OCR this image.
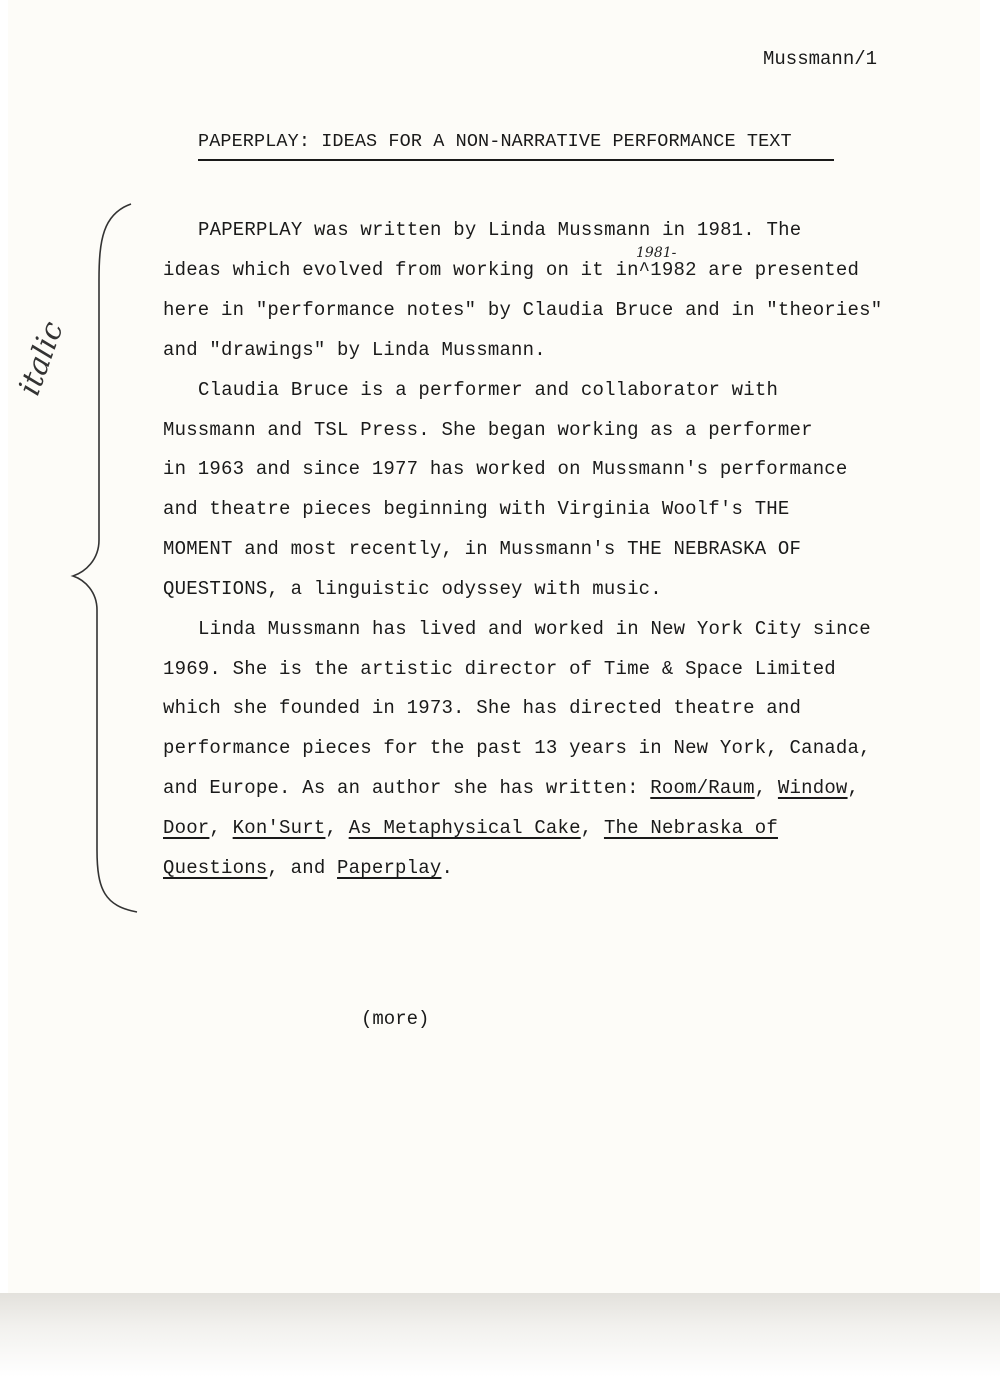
Mussmann/1
PAPERPLAY: IDEAS FOR A NON-NARRATIVE PERFORMANCE TEXT
italic
1981-
PAPERPLAY was written by Linda Mussmann in 1981. The
ideas which evolved from working on it in^1982 are presented
here in "performance notes" by Claudia Bruce and in "theories"
and "drawings" by Linda Mussmann.
Claudia Bruce is a performer and collaborator with
Mussmann and TSL Press. She began working as a performer
in 1963 and since 1977 has worked on Mussmann's performance
and theatre pieces beginning with Virginia Woolf's THE
MOMENT and most recently, in Mussmann's THE NEBRASKA OF
QUESTIONS, a linguistic odyssey with music.
Linda Mussmann has lived and worked in New York City since
1969. She is the artistic director of Time & Space Limited
which she founded in 1973. She has directed theatre and
performance pieces for the past 13 years in New York, Canada,
and Europe. As an author she has written: Room/Raum, Window,
Door, Kon'Surt, As Metaphysical Cake, The Nebraska of
Questions, and Paperplay.
(more)
